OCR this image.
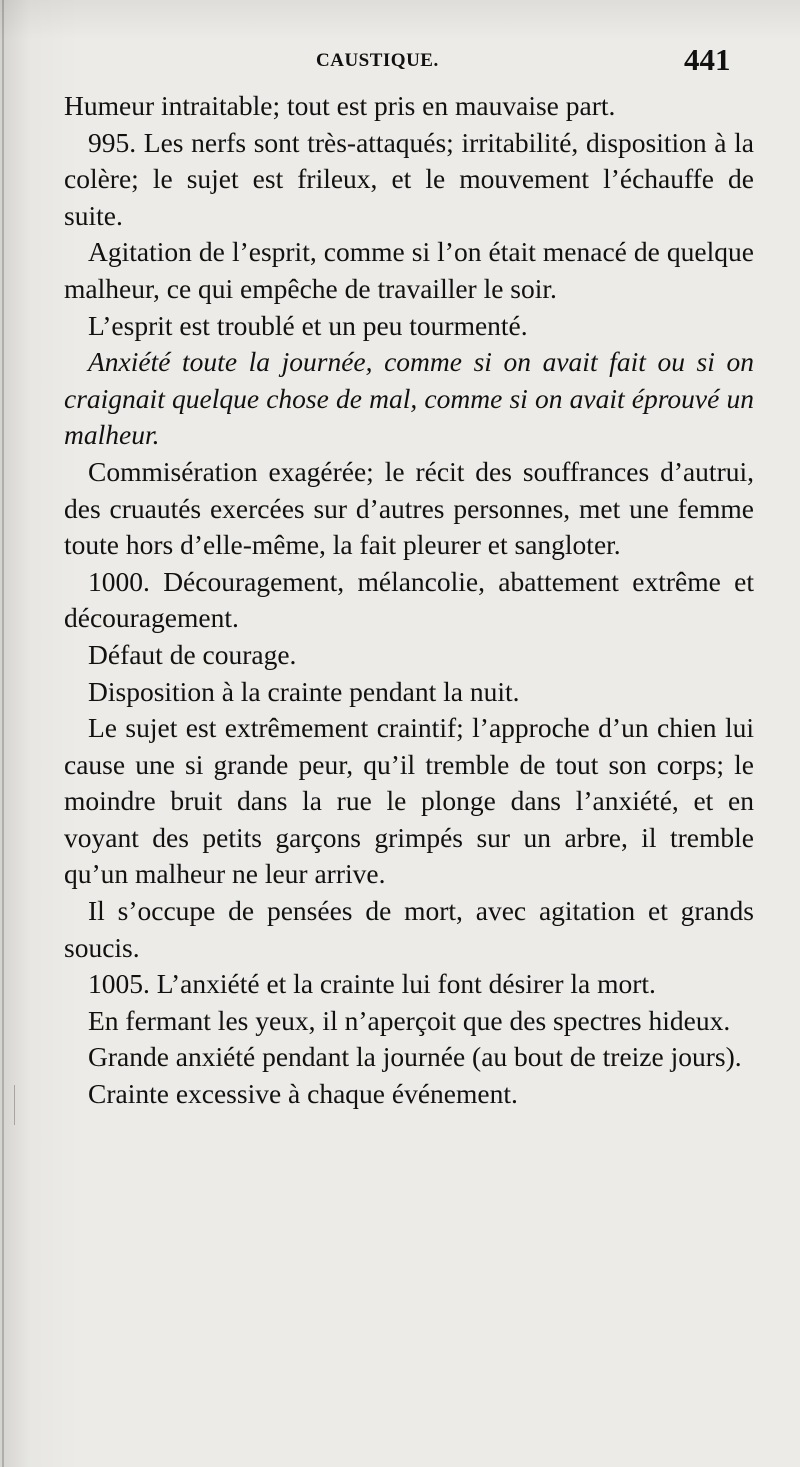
CAUSTIQUE.	441

Humeur intraitable; tout est pris en mauvaise part.

995. Les nerfs sont très-attaqués; irritabilité, disposition à la colère; le sujet est frileux, et le mouvement l’échauffe de suite.

Agitation de l’esprit, comme si l’on était menacé de quelque malheur, ce qui empêche de travailler le soir.

L’esprit est troublé et un peu tourmenté.

Anxiété toute la journée, comme si on avait fait ou si on craignait quelque chose de mal, comme si on avait éprouvé un malheur.

Commisération exagérée; le récit des souffrances d’autrui, des cruautés exercées sur d’autres personnes, met une femme toute hors d’elle-même, la fait pleurer et sangloter.

1000. Découragement, mélancolie, abattement extrême et découragement.

Défaut de courage.

Disposition à la crainte pendant la nuit.

Le sujet est extrêmement craintif; l’approche d’un chien lui cause une si grande peur, qu’il tremble de tout son corps; le moindre bruit dans la rue le plonge dans l’anxiété, et en voyant des petits garçons grimpés sur un arbre, il tremble qu’un malheur ne leur arrive.

Il s’occupe de pensées de mort, avec agitation et grands soucis.

1005. L’anxiété et la crainte lui font désirer la mort.

En fermant les yeux, il n’aperçoit que des spectres hideux.

Grande anxiété pendant la journée (au bout de treize jours).

Crainte excessive à chaque événement.
